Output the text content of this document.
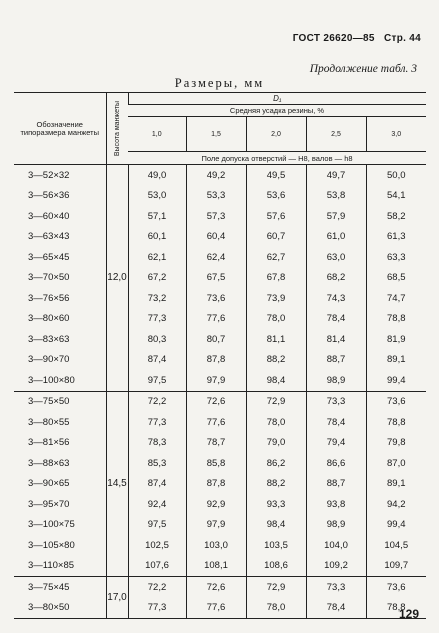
ГОСТ 26620—85 Стр. 44
Продолжение табл. 3
Размеры, мм
Обозначение типоразмера манжеты	Высота манжеты	D₁				
		Средняя усадка резины, %				
		1,0	1,5	2,0	2,5	3,0
		Поле допуска отверстий — H8, валов — h8				
3—52×32	12,0	49,0	49,2	49,5	49,7	50,0
3—56×36		53,0	53,3	53,6	53,8	54,1
3—60×40		57,1	57,3	57,6	57,9	58,2
3—63×43		60,1	60,4	60,7	61,0	61,3
3—65×45		62,1	62,4	62,7	63,0	63,3
3—70×50		67,2	67,5	67,8	68,2	68,5
3—76×56		73,2	73,6	73,9	74,3	74,7
3—80×60		77,3	77,6	78,0	78,4	78,8
3—83×63		80,3	80,7	81,1	81,4	81,9
3—90×70		87,4	87,8	88,2	88,7	89,1
3—100×80		97,5	97,9	98,4	98,9	99,4
3—75×50	14,5	72,2	72,6	72,9	73,3	73,6
3—80×55		77,3	77,6	78,0	78,4	78,8
3—81×56		78,3	78,7	79,0	79,4	79,8
3—88×63		85,3	85,8	86,2	86,6	87,0
3—90×65		87,4	87,8	88,2	88,7	89,1
3—95×70		92,4	92,9	93,3	93,8	94,2
3—100×75		97,5	97,9	98,4	98,9	99,4
3—105×80		102,5	103,0	103,5	104,0	104,5
3—110×85		107,6	108,1	108,6	109,2	109,7
3—75×45	17,0	72,2	72,6	72,9	73,3	73,6
3—80×50		77,3	77,6	78,0	78,4	78,8
129
